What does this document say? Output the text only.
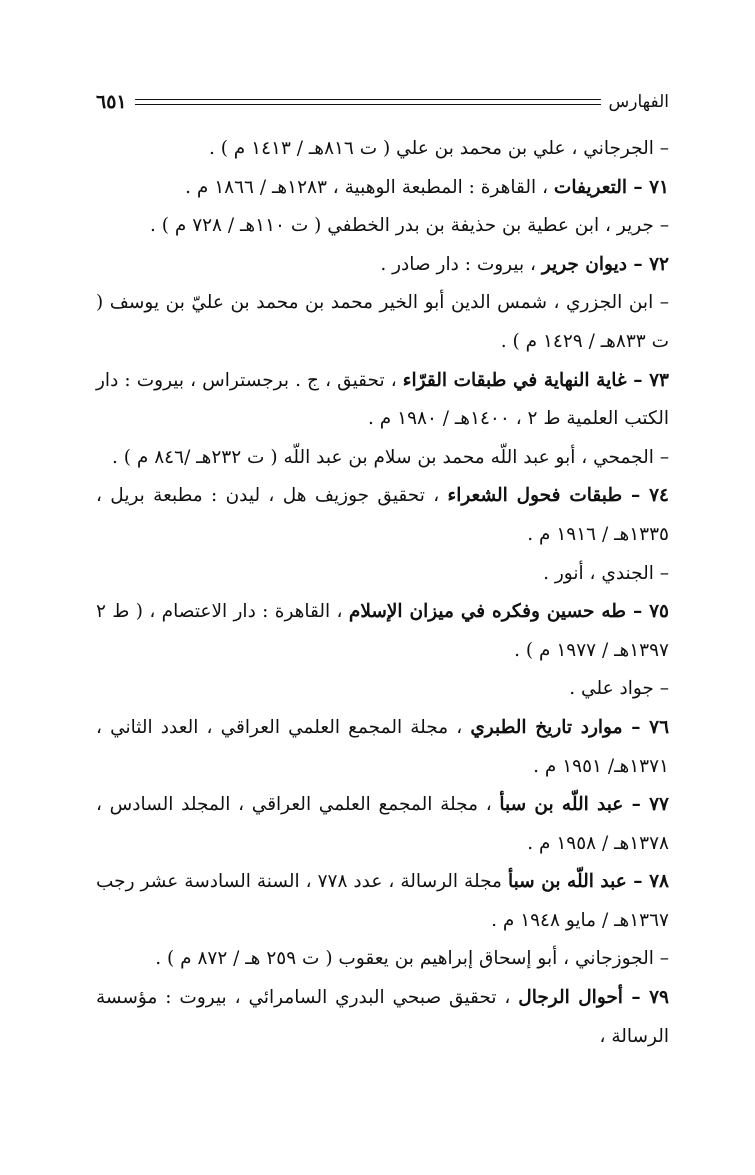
الفهارس
٦٥١

– الجرجاني ، علي بن محمد بن علي ( ت ٨١٦هـ / ١٤١٣ م ) .

٧١ – التعريفات ، القاهرة : المطبعة الوهبية ، ١٢٨٣هـ / ١٨٦٦ م .

– جرير ، ابن عطية بن حذيفة بن بدر الخطفي ( ت ١١٠هـ / ٧٢٨ م ) .

٧٢ – ديوان جرير ، بيروت : دار صادر .

– ابن الجزري ، شمس الدين أبو الخير محمد بن محمد بن عليّ بن يوسف ( ت ٨٣٣هـ / ١٤٢٩ م ) .

٧٣ – غاية النهاية في طبقات القرّاء ، تحقيق ، ج . برجستراس ، بيروت : دار الكتب العلمية ط ٢ ، ١٤٠٠هـ / ١٩٨٠ م .

– الجمحي ، أبو عبد اللّه محمد بن سلام بن عبد اللّه ( ت ٢٣٢هـ /٨٤٦ م ) .

٧٤ – طبقات فحول الشعراء ، تحقيق جوزيف هل ، ليدن : مطبعة بريل ، ١٣٣٥هـ / ١٩١٦ م .

– الجندي ، أنور .

٧٥ – طه حسين وفكره في ميزان الإسلام ، القاهرة : دار الاعتصام ، ( ط ٢ ١٣٩٧هـ / ١٩٧٧ م ) .

– جواد علي .

٧٦ – موارد تاريخ الطبري ، مجلة المجمع العلمي العراقي ، العدد الثاني ، ١٣٧١هـ/ ١٩٥١ م .

٧٧ – عبد اللّه بن سبأ ، مجلة المجمع العلمي العراقي ، المجلد السادس ، ١٣٧٨هـ / ١٩٥٨ م .

٧٨ – عبد اللّه بن سبأ مجلة الرسالة ، عدد ٧٧٨ ، السنة السادسة عشر رجب ١٣٦٧هـ / مايو ١٩٤٨ م .

– الجوزجاني ، أبو إسحاق إبراهيم بن يعقوب ( ت ٢٥٩ هـ / ٨٧٢ م ) .

٧٩ – أحوال الرجال ، تحقيق صبحي البدري السامرائي ، بيروت : مؤسسة الرسالة ،
